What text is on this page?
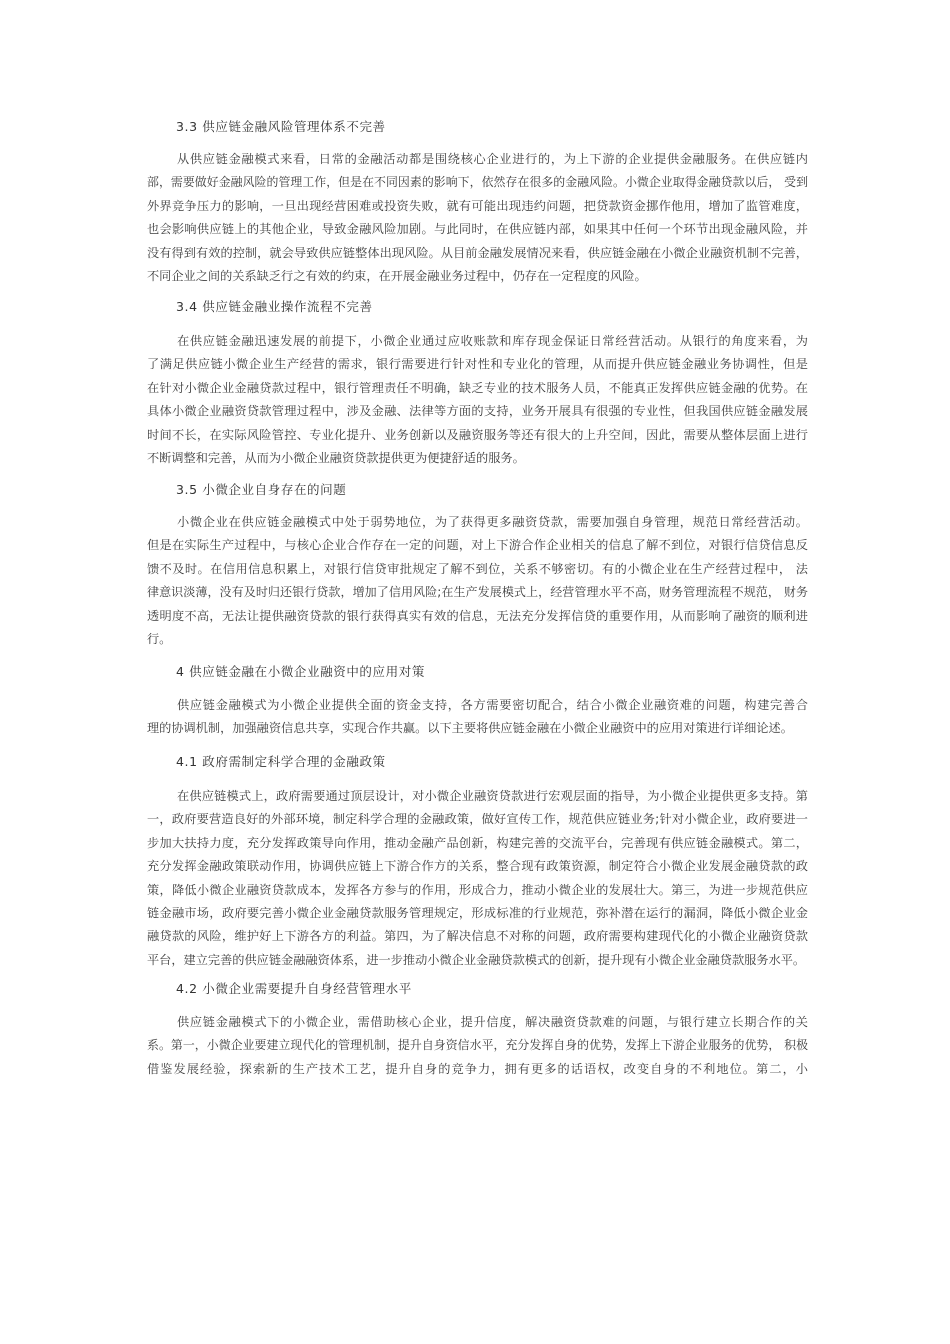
3.3 供应链金融风险管理体系不完善
从供应链金融模式来看，日常的金融活动都是围绕核心企业进行的，为上下游的企业提供金融服务。在供应链内
部，需要做好金融风险的管理工作，但是在不同因素的影响下，依然存在很多的金融风险。小微企业取得金融贷款以后， 受到
外界竞争压力的影响，一旦出现经营困难或投资失败，就有可能出现违约问题，把贷款资金挪作他用，增加了监管难度，
也会影响供应链上的其他企业，导致金融风险加剧。与此同时，在供应链内部，如果其中任何一个环节出现金融风险，并
没有得到有效的控制，就会导致供应链整体出现风险。从目前金融发展情况来看，供应链金融在小微企业融资机制不完善，
不同企业之间的关系缺乏行之有效的约束，在开展金融业务过程中，仍存在一定程度的风险。
3.4 供应链金融业操作流程不完善
在供应链金融迅速发展的前提下，小微企业通过应收账款和库存现金保证日常经营活动。从银行的角度来看，为
了满足供应链小微企业生产经营的需求，银行需要进行针对性和专业化的管理，从而提升供应链金融业务协调性，但是
在针对小微企业金融贷款过程中，银行管理责任不明确，缺乏专业的技术服务人员，不能真正发挥供应链金融的优势。在
具体小微企业融资贷款管理过程中，涉及金融、法律等方面的支持，业务开展具有很强的专业性，但我国供应链金融发展
时间不长，在实际风险管控、专业化提升、业务创新以及融资服务等还有很大的上升空间，因此，需要从整体层面上进行
不断调整和完善，从而为小微企业融资贷款提供更为便捷舒适的服务。
3.5 小微企业自身存在的问题
小微企业在供应链金融模式中处于弱势地位，为了获得更多融资贷款，需要加强自身管理，规范日常经营活动。
但是在实际生产过程中，与核心企业合作存在一定的问题，对上下游合作企业相关的信息了解不到位，对银行信贷信息反
馈不及时。在信用信息积累上，对银行信贷审批规定了解不到位，关系不够密切。有的小微企业在生产经营过程中， 法
律意识淡薄，没有及时归还银行贷款，增加了信用风险;在生产发展模式上，经营管理水平不高，财务管理流程不规范， 财务
透明度不高，无法让提供融资贷款的银行获得真实有效的信息，无法充分发挥信贷的重要作用，从而影响了融资的顺利进
行。
4 供应链金融在小微企业融资中的应用对策
供应链金融模式为小微企业提供全面的资金支持，各方需要密切配合，结合小微企业融资难的问题，构建完善合
理的协调机制，加强融资信息共享，实现合作共赢。以下主要将供应链金融在小微企业融资中的应用对策进行详细论述。
4.1 政府需制定科学合理的金融政策
在供应链模式上，政府需要通过顶层设计，对小微企业融资贷款进行宏观层面的指导，为小微企业提供更多支持。第
一，政府要营造良好的外部环境，制定科学合理的金融政策，做好宣传工作，规范供应链业务;针对小微企业，政府要进一
步加大扶持力度，充分发挥政策导向作用，推动金融产品创新，构建完善的交流平台，完善现有供应链金融模式。第二，
充分发挥金融政策联动作用，协调供应链上下游合作方的关系，整合现有政策资源，制定符合小微企业发展金融贷款的政
策，降低小微企业融资贷款成本，发挥各方参与的作用，形成合力，推动小微企业的发展壮大。第三，为进一步规范供应
链金融市场，政府要完善小微企业金融贷款服务管理规定，形成标准的行业规范，弥补潜在运行的漏洞，降低小微企业金
融贷款的风险，维护好上下游各方的利益。第四，为了解决信息不对称的问题，政府需要构建现代化的小微企业融资贷款
平台，建立完善的供应链金融融资体系，进一步推动小微企业金融贷款模式的创新，提升现有小微企业金融贷款服务水平。
4.2 小微企业需要提升自身经营管理水平
供应链金融模式下的小微企业，需借助核心企业，提升信度，解决融资贷款难的问题，与银行建立长期合作的关
系。第一，小微企业要建立现代化的管理机制，提升自身资信水平，充分发挥自身的优势，发挥上下游企业服务的优势， 积极
借鉴发展经验，探索新的生产技术工艺，提升自身的竞争力，拥有更多的话语权，改变自身的不利地位。第二，小
